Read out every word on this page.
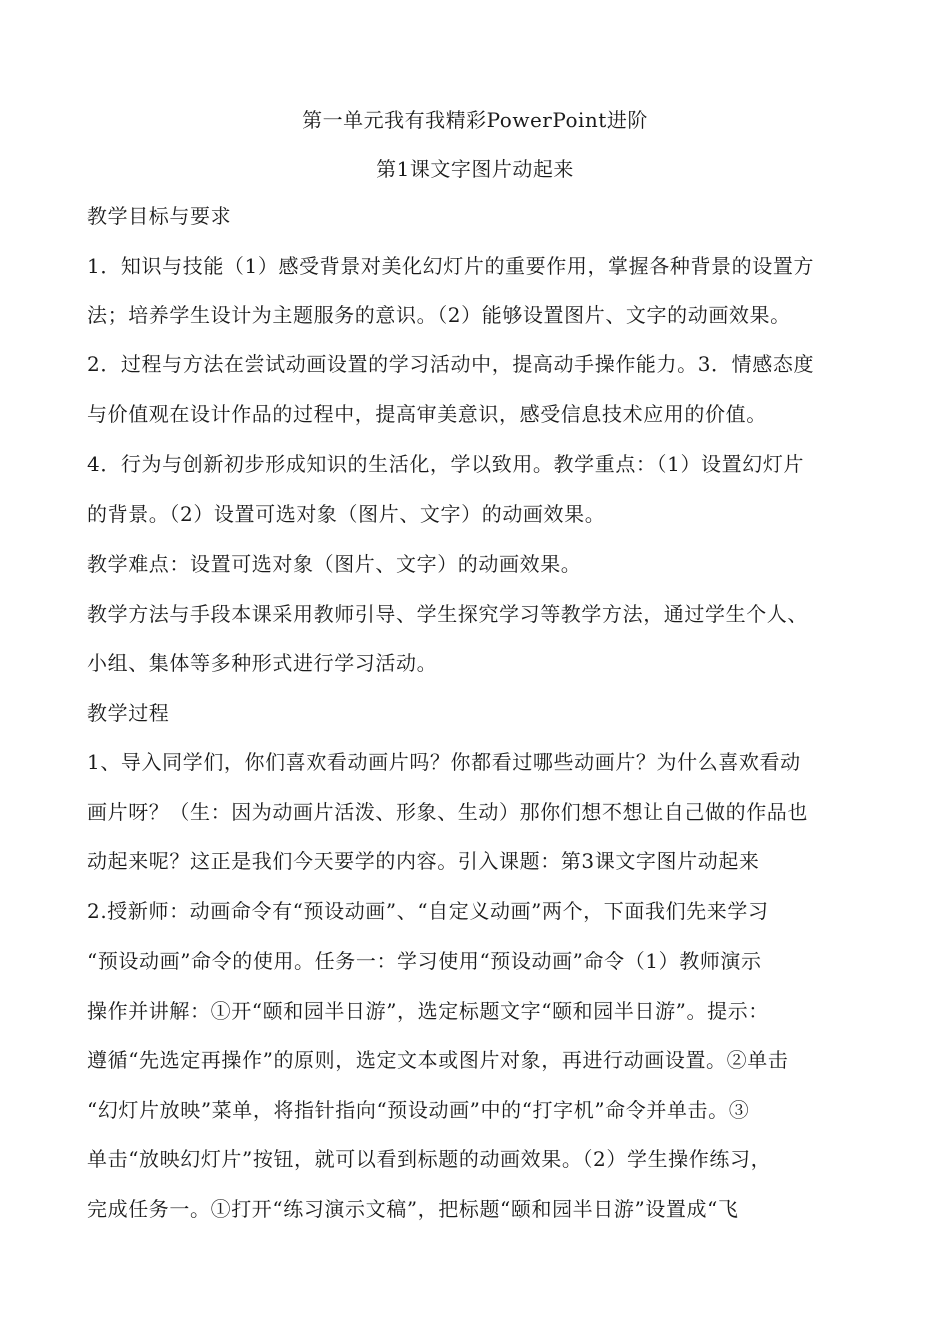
第一单元我有我精彩PowerPoint进阶
第1课文字图片动起来
教学目标与要求
1．知识与技能（1）感受背景对美化幻灯片的重要作用，掌握各种背景的设置方
法；培养学生设计为主题服务的意识。（2）能够设置图片、文字的动画效果。
2．过程与方法在尝试动画设置的学习活动中，提高动手操作能力。3．情感态度
与价值观在设计作品的过程中，提高审美意识，感受信息技术应用的价值。
4．行为与创新初步形成知识的生活化，学以致用。教学重点：（1）设置幻灯片
的背景。（2）设置可选对象（图片、文字）的动画效果。
教学难点：设置可选对象（图片、文字）的动画效果。
教学方法与手段本课采用教师引导、学生探究学习等教学方法，通过学生个人、
小组、集体等多种形式进行学习活动。
教学过程
1、导入同学们，你们喜欢看动画片吗？你都看过哪些动画片？为什么喜欢看动
画片呀？（生：因为动画片活泼、形象、生动）那你们想不想让自己做的作品也
动起来呢？这正是我们今天要学的内容。引入课题：第3课文字图片动起来
2.授新师：动画命令有“预设动画”、“自定义动画”两个，下面我们先来学习
“预设动画”命令的使用。任务一：学习使用“预设动画”命令（1）教师演示
操作并讲解：①开“颐和园半日游”，选定标题文字“颐和园半日游”。提示：
遵循“先选定再操作”的原则，选定文本或图片对象，再进行动画设置。②单击
“幻灯片放映”菜单，将指针指向“预设动画”中的“打字机”命令并单击。③
单击“放映幻灯片”按钮，就可以看到标题的动画效果。（2）学生操作练习，
完成任务一。①打开“练习演示文稿”，把标题“颐和园半日游”设置成“飞
